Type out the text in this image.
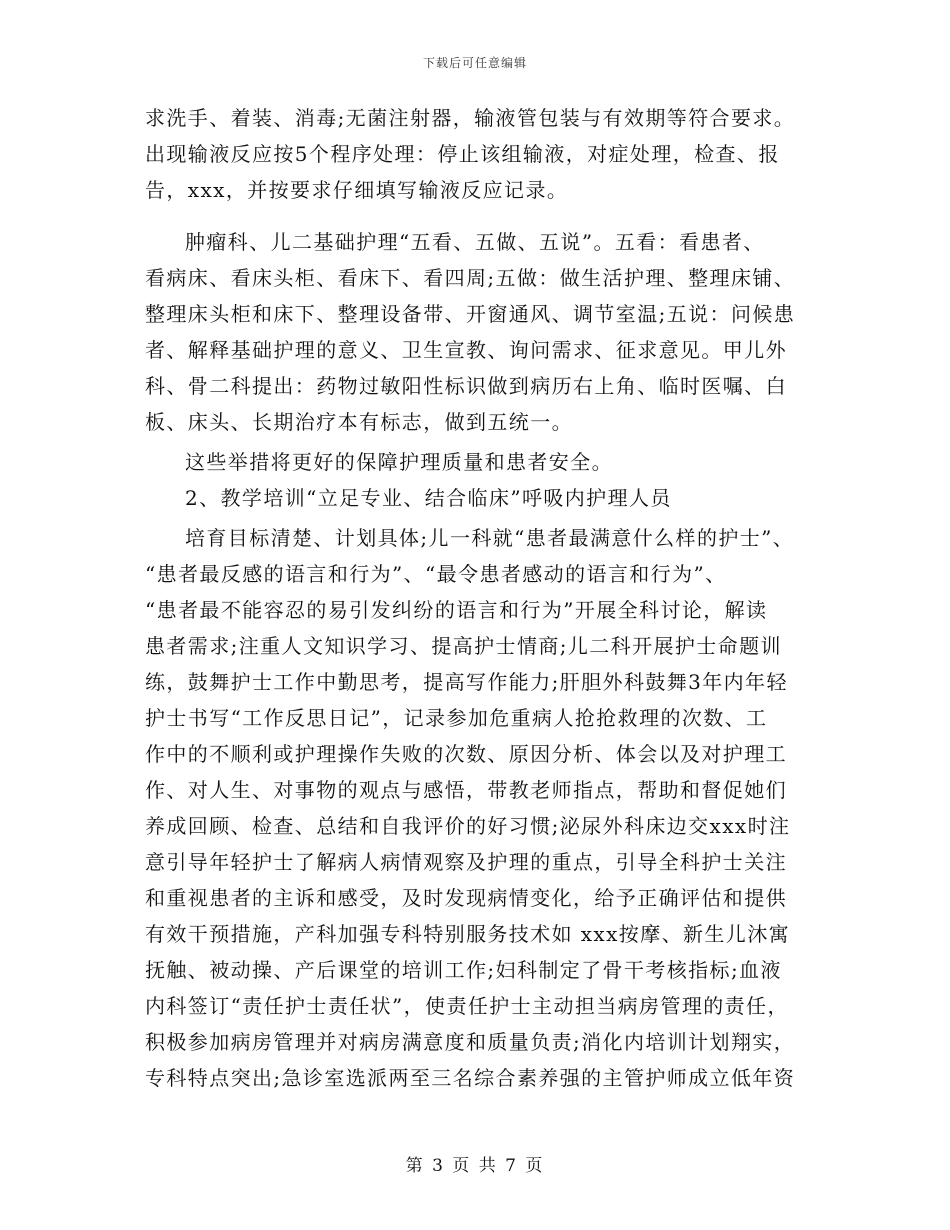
下载后可任意编辑
求洗手、着装、消毒;无菌注射器，输液管包装与有效期等符合要求。
出现输液反应按5个程序处理：停止该组输液，对症处理，检查、报
告，xxx，并按要求仔细填写输液反应记录。
肿瘤科、儿二基础护理“五看、五做、五说”。五看：看患者、
看病床、看床头柜、看床下、看四周;五做：做生活护理、整理床铺、
整理床头柜和床下、整理设备带、开窗通风、调节室温;五说：问候患
者、解释基础护理的意义、卫生宣教、询问需求、征求意见。甲儿外
科、骨二科提出：药物过敏阳性标识做到病历右上角、临时医嘱、白
板、床头、长期治疗本有标志，做到五统一。
这些举措将更好的保障护理质量和患者安全。
2、教学培训“立足专业、结合临床”呼吸内护理人员
培育目标清楚、计划具体;儿一科就“患者最满意什么样的护士”、
“患者最反感的语言和行为”、“最令患者感动的语言和行为”、
“患者最不能容忍的易引发纠纷的语言和行为”开展全科讨论，解读
患者需求;注重人文知识学习、提高护士情商;儿二科开展护士命题训
练，鼓舞护士工作中勤思考，提高写作能力;肝胆外科鼓舞3年内年轻
护士书写“工作反思日记”，记录参加危重病人抢抢救理的次数、工
作中的不顺利或护理操作失败的次数、原因分析、体会以及对护理工
作、对人生、对事物的观点与感悟，带教老师指点，帮助和督促她们
养成回顾、检查、总结和自我评价的好习惯;泌尿外科床边交xxx时注
意引导年轻护士了解病人病情观察及护理的重点，引导全科护士关注
和重视患者的主诉和感受，及时发现病情变化，给予正确评估和提供
有效干预措施，产科加强专科特别服务技术如 xxx按摩、新生儿沐寓
抚触、被动操、产后课堂的培训工作;妇科制定了骨干考核指标;血液
内科签订“责任护士责任状”，使责任护士主动担当病房管理的责任，
积极参加病房管理并对病房满意度和质量负责;消化内培训计划翔实，
专科特点突出;急诊室选派两至三名综合素养强的主管护师成立低年资
第 3 页 共 7 页
